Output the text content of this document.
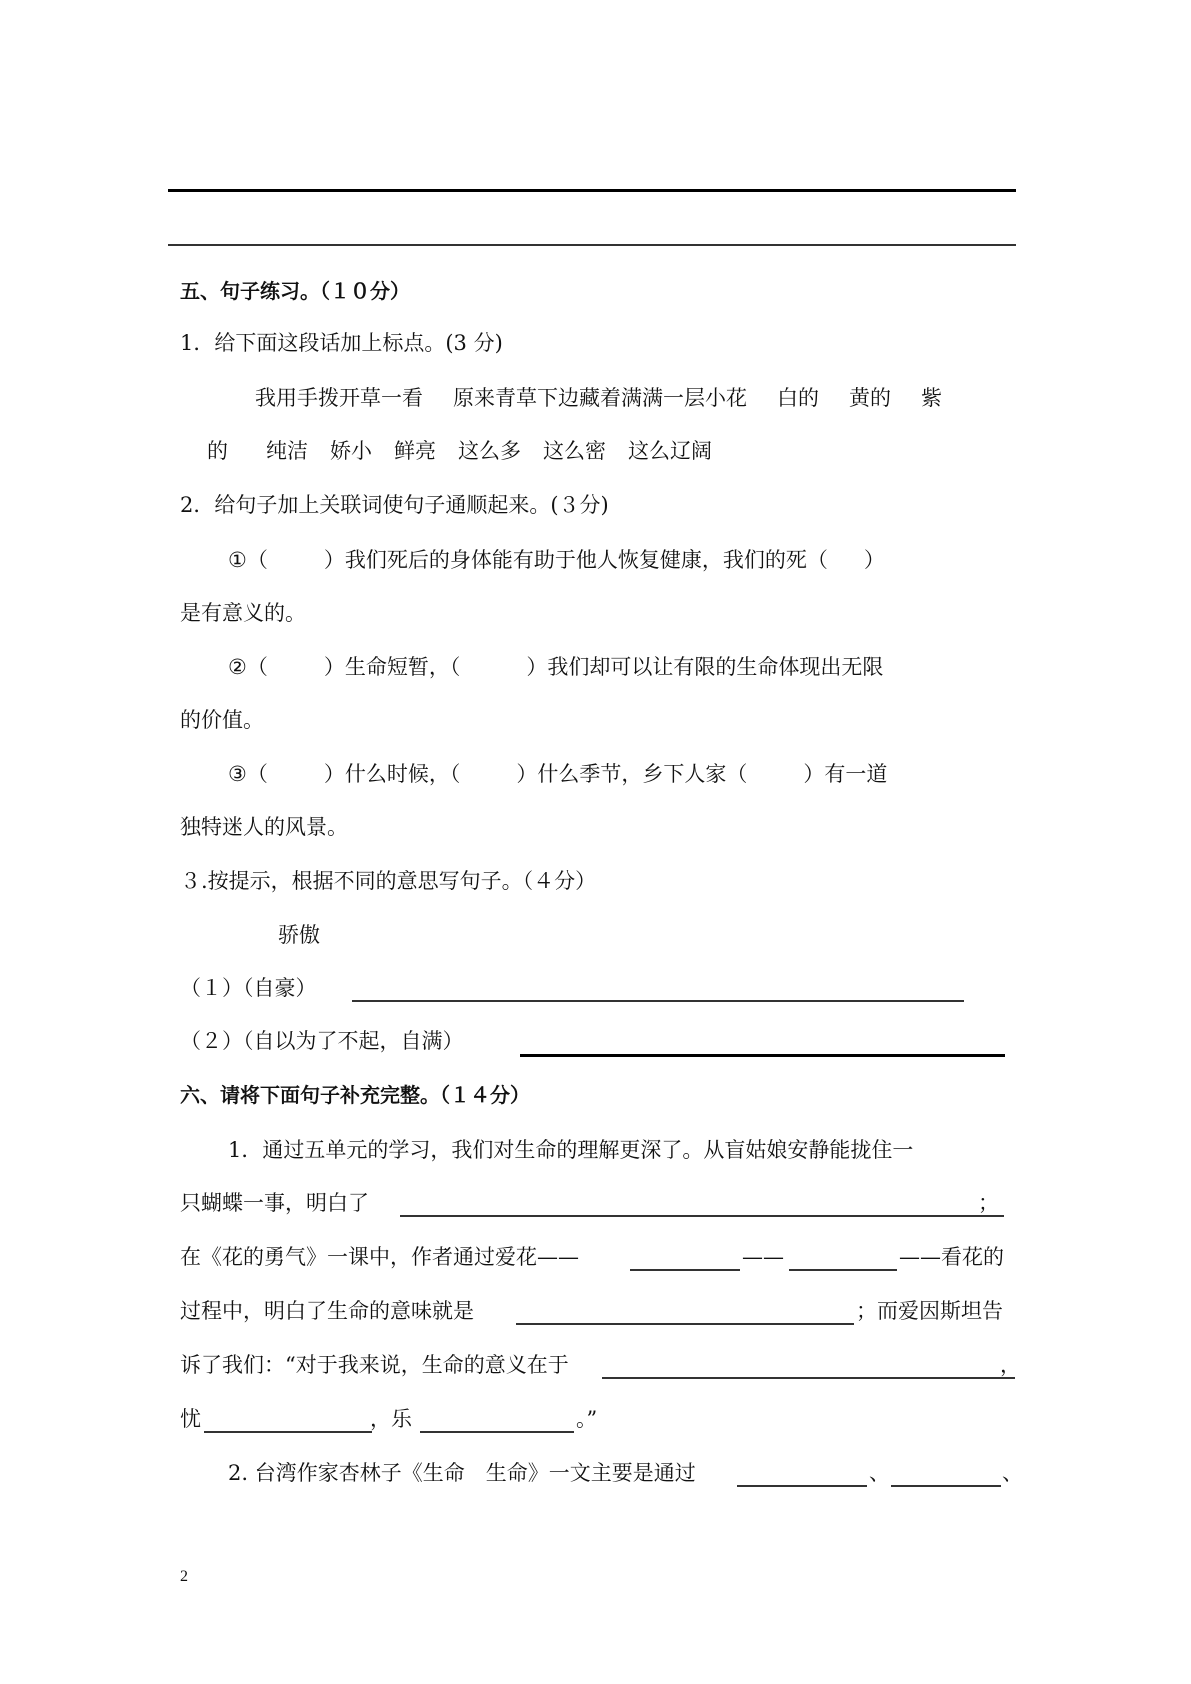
五、句子练习。（１０分）
1．给下面这段话加上标点。(3 分)
我用手拨开草一看 原来青草下边藏着满满一层小花 白的 黄的 紫
的 纯洁 娇小 鲜亮 这么多 这么密 这么辽阔
2．给句子加上关联词使句子通顺起来。(３分)
①（	）我们死后的身体能有助于他人恢复健康，我们的死（ ）
是有意义的。
②（	）生命短暂，（	）我们却可以让有限的生命体现出无限
的价值。
③（	）什么时候，（	）什么季节，乡下人家（	）有一道
独特迷人的风景。
３.按提示，根据不同的意思写句子。（４分）
骄傲
（１）（自豪）
（２）（自以为了不起，自满）
六、请将下面句子补充完整。（１４分）
1．通过五单元的学习，我们对生命的理解更深了。从盲姑娘安静能拢住一
只蝴蝶一事，明白了	；
在《花的勇气》一课中，作者通过爱花——	——	——看花的
过程中，明白了生命的意味就是	；而爱因斯坦告
诉了我们：“对于我来说，生命的意义在于	，
忧	，乐	。”
2. 台湾作家杏林子《生命　生命》一文主要是通过	、	、
2
